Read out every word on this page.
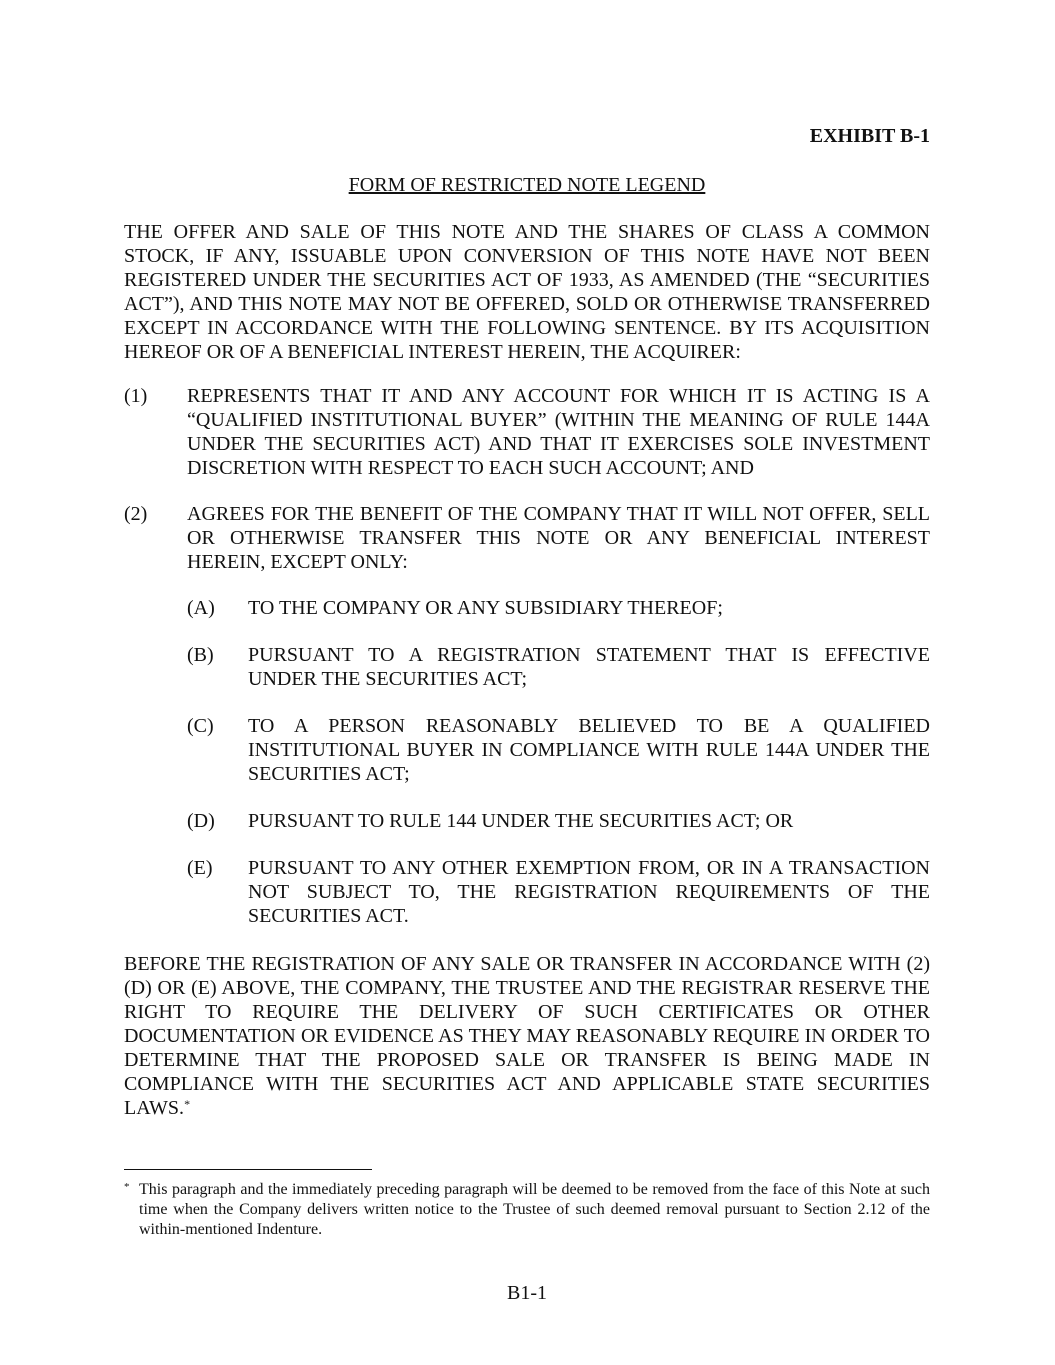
EXHIBIT B-1
FORM OF RESTRICTED NOTE LEGEND
THE OFFER AND SALE OF THIS NOTE AND THE SHARES OF CLASS A COMMON STOCK, IF ANY, ISSUABLE UPON CONVERSION OF THIS NOTE HAVE NOT BEEN REGISTERED UNDER THE SECURITIES ACT OF 1933, AS AMENDED (THE “SECURITIES ACT”), AND THIS NOTE MAY NOT BE OFFERED, SOLD OR OTHERWISE TRANSFERRED EXCEPT IN ACCORDANCE WITH THE FOLLOWING SENTENCE. BY ITS ACQUISITION HEREOF OR OF A BENEFICIAL INTEREST HEREIN, THE ACQUIRER:
(1) REPRESENTS THAT IT AND ANY ACCOUNT FOR WHICH IT IS ACTING IS A “QUALIFIED INSTITUTIONAL BUYER” (WITHIN THE MEANING OF RULE 144A UNDER THE SECURITIES ACT) AND THAT IT EXERCISES SOLE INVESTMENT DISCRETION WITH RESPECT TO EACH SUCH ACCOUNT; AND
(2) AGREES FOR THE BENEFIT OF THE COMPANY THAT IT WILL NOT OFFER, SELL OR OTHERWISE TRANSFER THIS NOTE OR ANY BENEFICIAL INTEREST HEREIN, EXCEPT ONLY:
(A) TO THE COMPANY OR ANY SUBSIDIARY THEREOF;
(B) PURSUANT TO A REGISTRATION STATEMENT THAT IS EFFECTIVE UNDER THE SECURITIES ACT;
(C) TO A PERSON REASONABLY BELIEVED TO BE A QUALIFIED INSTITUTIONAL BUYER IN COMPLIANCE WITH RULE 144A UNDER THE SECURITIES ACT;
(D) PURSUANT TO RULE 144 UNDER THE SECURITIES ACT; OR
(E) PURSUANT TO ANY OTHER EXEMPTION FROM, OR IN A TRANSACTION NOT SUBJECT TO, THE REGISTRATION REQUIREMENTS OF THE SECURITIES ACT.
BEFORE THE REGISTRATION OF ANY SALE OR TRANSFER IN ACCORDANCE WITH (2)(D) OR (E) ABOVE, THE COMPANY, THE TRUSTEE AND THE REGISTRAR RESERVE THE RIGHT TO REQUIRE THE DELIVERY OF SUCH CERTIFICATES OR OTHER DOCUMENTATION OR EVIDENCE AS THEY MAY REASONABLY REQUIRE IN ORDER TO DETERMINE THAT THE PROPOSED SALE OR TRANSFER IS BEING MADE IN COMPLIANCE WITH THE SECURITIES ACT AND APPLICABLE STATE SECURITIES LAWS.*
* This paragraph and the immediately preceding paragraph will be deemed to be removed from the face of this Note at such time when the Company delivers written notice to the Trustee of such deemed removal pursuant to Section 2.12 of the within-mentioned Indenture.
B1-1
